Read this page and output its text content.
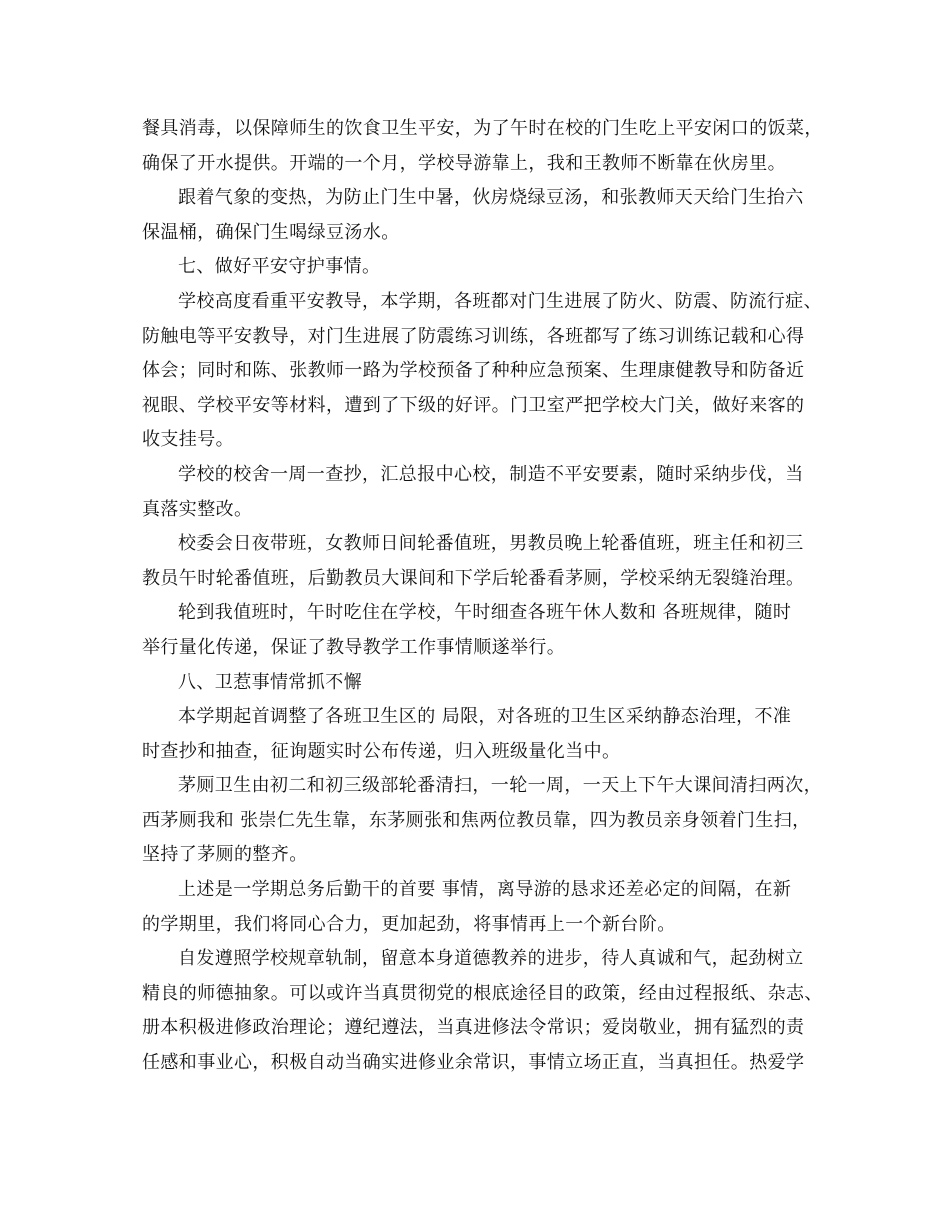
餐具消毒，以保障师生的饮食卫生平安，为了午时在校的门生吃上平安闲口的饭菜，
确保了开水提供。开端的一个月，学校导游靠上，我和王教师不断靠在伙房里。
跟着气象的变热，为防止门生中暑，伙房烧绿豆汤，和张教师天天给门生抬六
保温桶，确保门生喝绿豆汤水。
七、做好平安守护事情。
学校高度看重平安教导，本学期，各班都对门生进展了防火、防震、防流行症、
防触电等平安教导，对门生进展了防震练习训练，各班都写了练习训练记载和心得
体会；同时和陈、张教师一路为学校预备了种种应急预案、生理康健教导和防备近
视眼、学校平安等材料，遭到了下级的好评。门卫室严把学校大门关，做好来客的
收支挂号。
学校的校舍一周一查抄，汇总报中心校，制造不平安要素，随时采纳步伐，当
真落实整改。
校委会日夜带班，女教师日间轮番值班，男教员晚上轮番值班，班主任和初三
教员午时轮番值班，后勤教员大课间和下学后轮番看茅厕，学校采纳无裂缝治理。
轮到我值班时，午时吃住在学校，午时细查各班午休人数和 各班规律，随时
举行量化传递，保证了教导教学工作事情顺遂举行。
八、卫惹事情常抓不懈
本学期起首调整了各班卫生区的 局限，对各班的卫生区采纳静态治理，不准
时查抄和抽查，征询题实时公布传递，归入班级量化当中。
茅厕卫生由初二和初三级部轮番清扫，一轮一周，一天上下午大课间清扫两次，
西茅厕我和 张崇仁先生靠，东茅厕张和焦两位教员靠，四为教员亲身领着门生扫，
坚持了茅厕的整齐。
上述是一学期总务后勤干的首要 事情，离导游的恳求还差必定的间隔，在新
的学期里，我们将同心合力，更加起劲，将事情再上一个新台阶。
自发遵照学校规章轨制，留意本身道德教养的进步，待人真诚和气，起劲树立
精良的师德抽象。可以或许当真贯彻党的根底途径目的政策，经由过程报纸、杂志、
册本积极进修政治理论；遵纪遵法，当真进修法令常识；爱岗敬业，拥有猛烈的责
任感和事业心，积极自动当确实进修业余常识，事情立场正直，当真担任。热爱学
